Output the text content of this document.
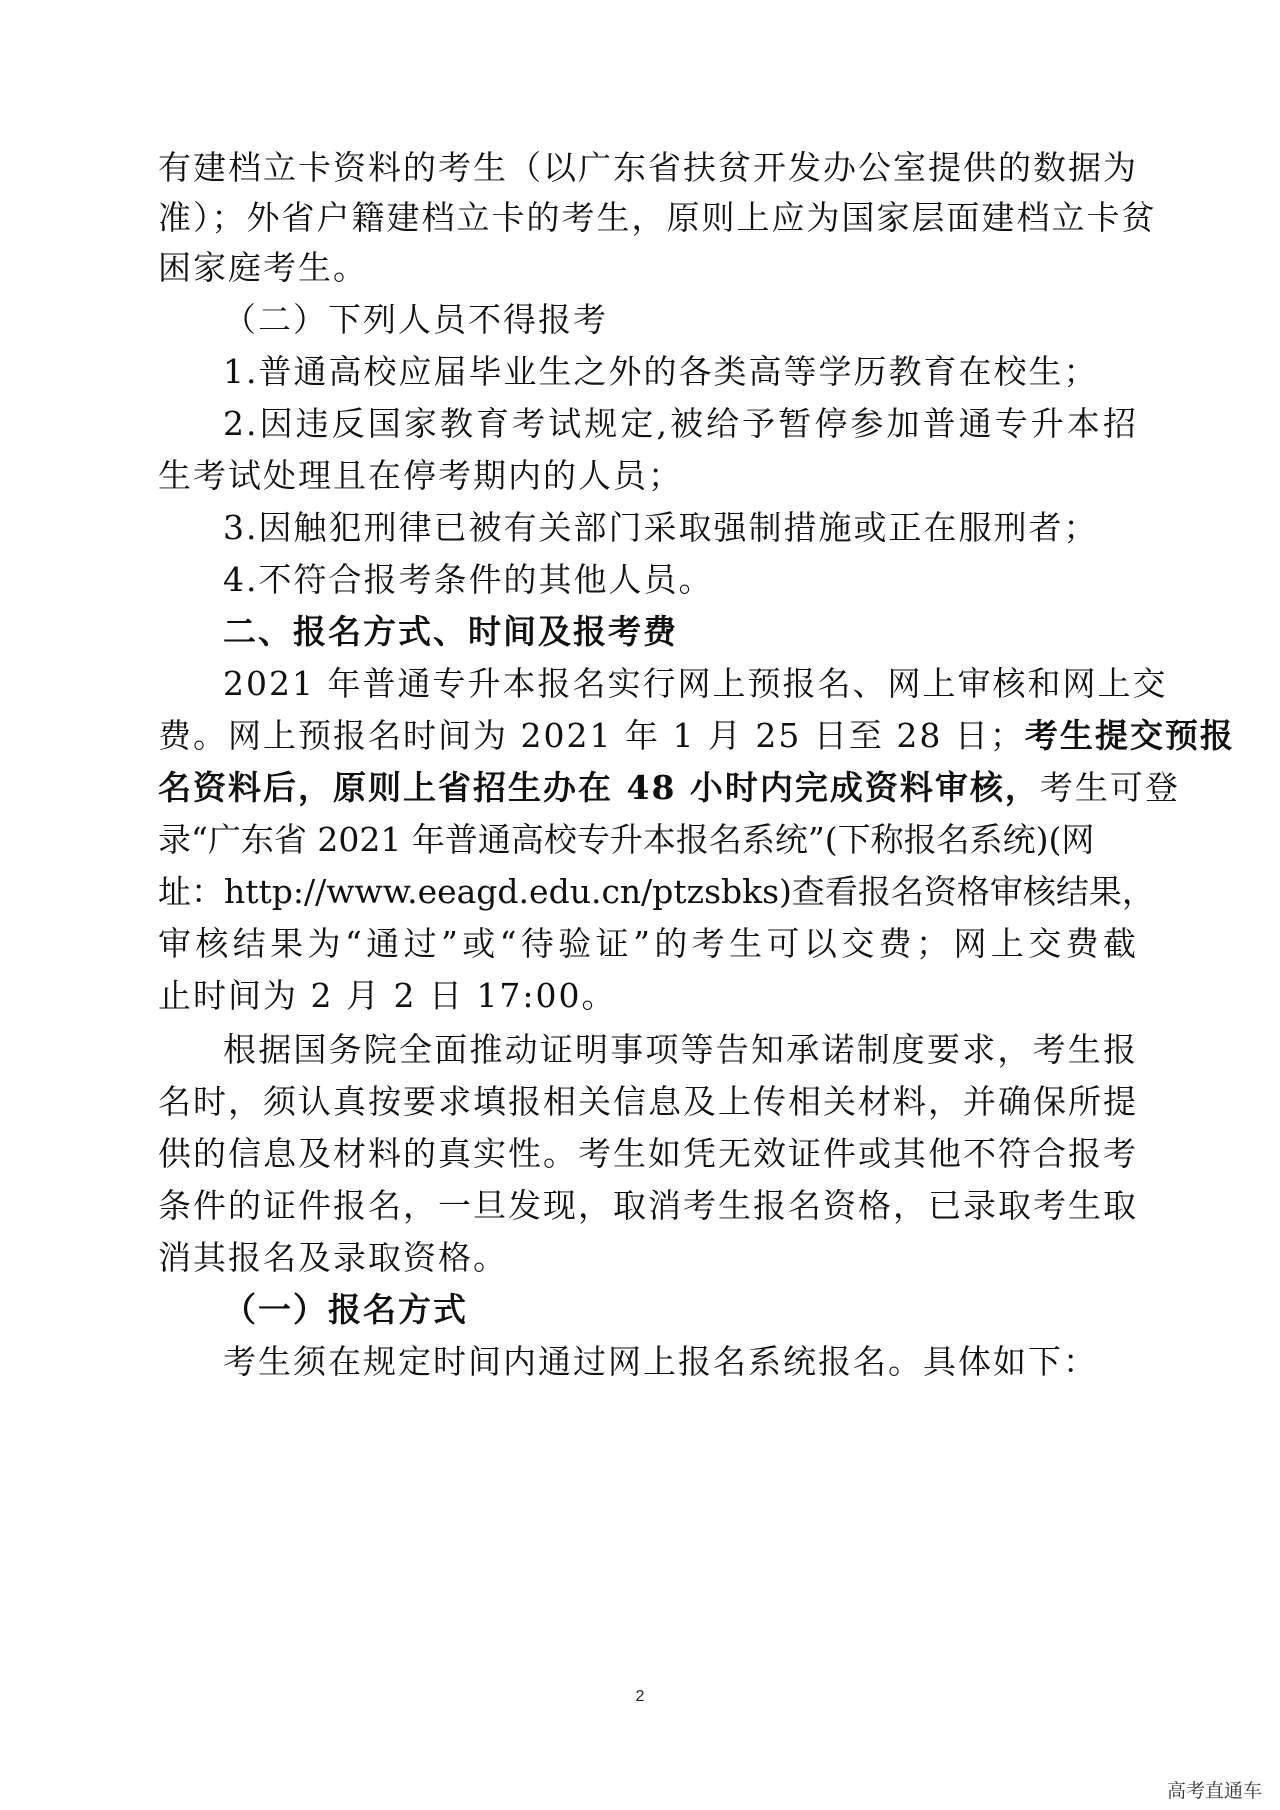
有建档立卡资料的考生（以广东省扶贫开发办公室提供的数据为
准）；外省户籍建档立卡的考生，原则上应为国家层面建档立卡贫
困家庭考生。
（二）下列人员不得报考
1.普通高校应届毕业生之外的各类高等学历教育在校生；
2.因违反国家教育考试规定,被给予暂停参加普通专升本招
生考试处理且在停考期内的人员；
3.因触犯刑律已被有关部门采取强制措施或正在服刑者；
4.不符合报考条件的其他人员。
二、报名方式、时间及报考费
2021 年普通专升本报名实行网上预报名、网上审核和网上交
费。网上预报名时间为 2021 年 1 月 25 日至 28 日；考生提交预报
名资料后，原则上省招生办在 48 小时内完成资料审核，考生可登
录“广东省 2021 年普通高校专升本报名系统”(下称报名系统)(网
址：http://www.eeagd.edu.cn/ptzsbks)查看报名资格审核结果，
审核结果为“通过”或“待验证”的考生可以交费；网上交费截
止时间为 2 月 2 日 17:00。
根据国务院全面推动证明事项等告知承诺制度要求，考生报
名时，须认真按要求填报相关信息及上传相关材料，并确保所提
供的信息及材料的真实性。考生如凭无效证件或其他不符合报考
条件的证件报名，一旦发现，取消考生报名资格，已录取考生取
消其报名及录取资格。
（一）报名方式
考生须在规定时间内通过网上报名系统报名。具体如下：
2
高考直通车
